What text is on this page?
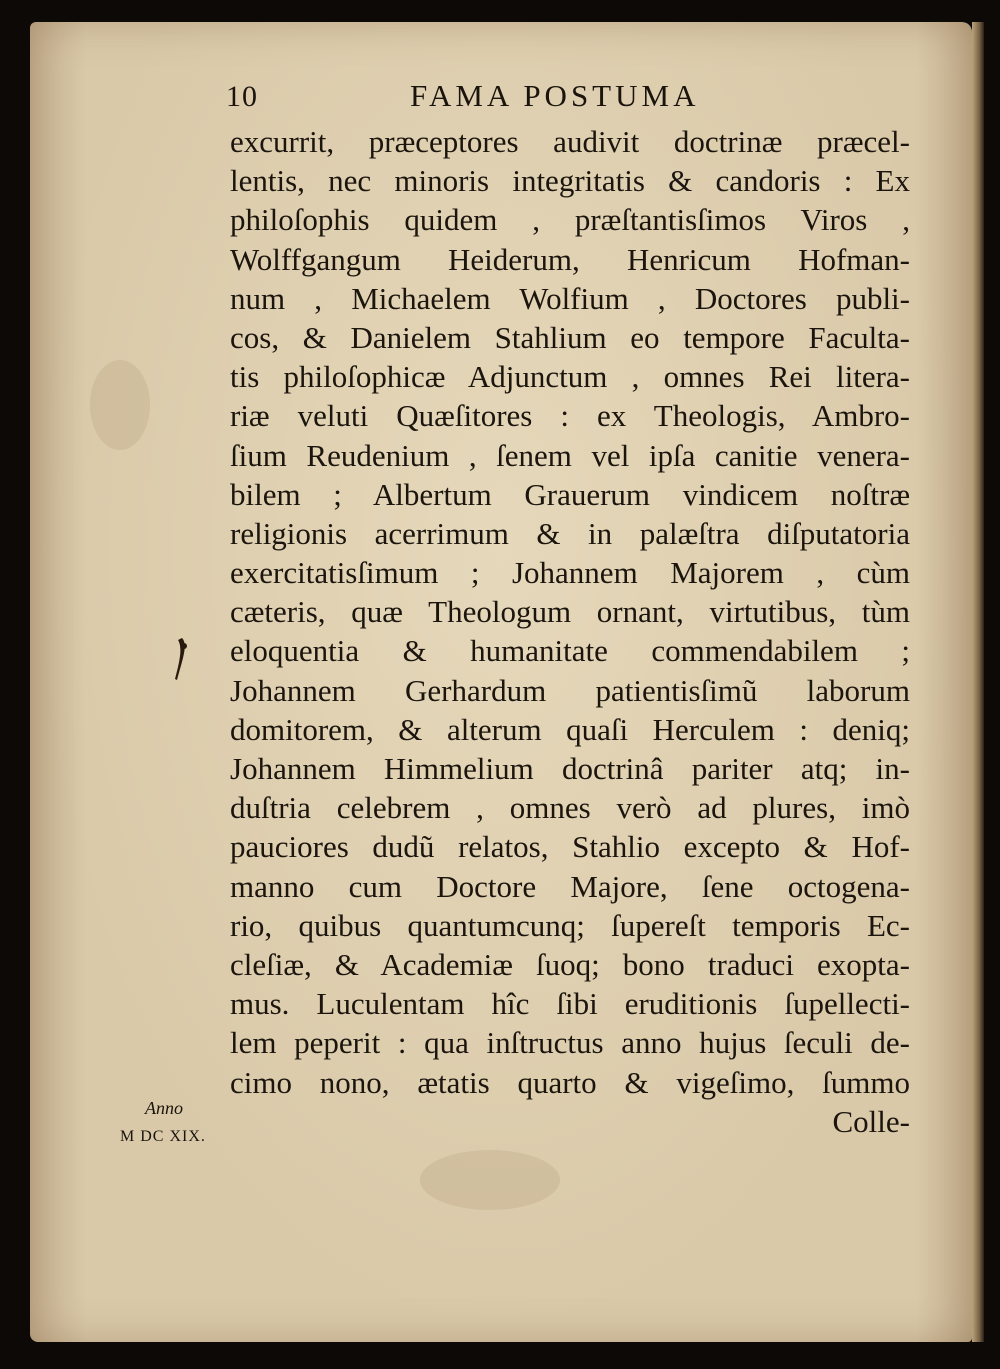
10	FAMA POSTUMA
excurrit, præceptores audivit doctrinæ præcel-
lentis, nec minoris integritatis & candoris : Ex
philoſophis quidem , præſtantisſimos Viros ,
Wolffgangum Heiderum, Henricum Hofman-
num , Michaelem Wolfium , Doctores publi-
cos, & Danielem Stahlium eo tempore Faculta-
tis philoſophicæ Adjunctum , omnes Rei litera-
riæ veluti Quæſitores : ex Theologis, Ambro-
ſium Reudenium , ſenem vel ipſa canitie venera-
bilem ; Albertum Grauerum vindicem noſtræ
religionis acerrimum & in palæſtra diſputatoria
exercitatisſimum ; Johannem Majorem , cùm
cæteris, quæ Theologum ornant, virtutibus, tùm
eloquentia & humanitate commendabilem ;
Johannem Gerhardum patientisſimũ laborum
domitorem, & alterum quaſi Herculem : deniq;
Johannem Himmelium doctrinâ pariter atq; in-
duſtria celebrem , omnes verò ad plures, imò
pauciores dudũ relatos, Stahlio excepto & Hof-
manno cum Doctore Majore, ſene octogena-
rio, quibus quantumcunq; ſupereſt temporis Ec-
cleſiæ, & Academiæ ſuoq; bono traduci exopta-
mus. Luculentam hîc ſibi eruditionis ſupellecti-
lem peperit : qua inſtructus anno hujus ſeculi de-
cimo nono, ætatis quarto & vigeſimo, ſummo
Colle-
Anno
M DC XIX.
